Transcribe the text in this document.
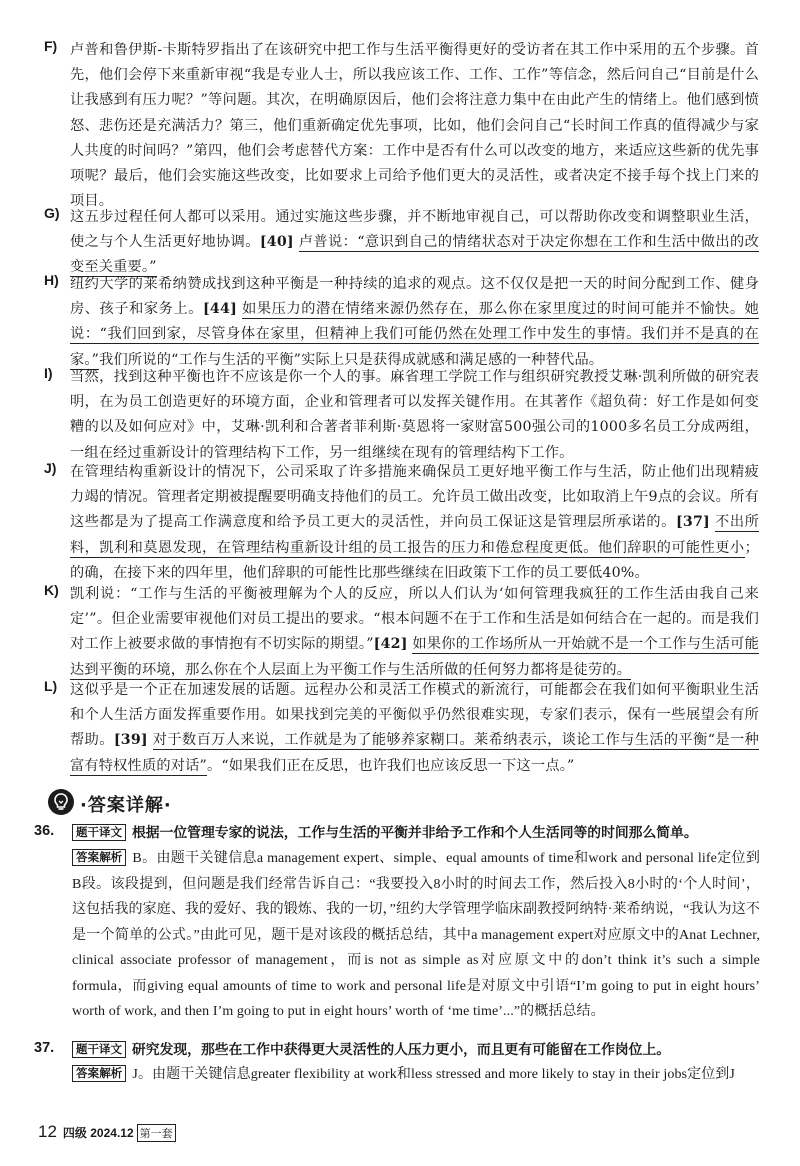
F) 卢普和鲁伊斯-卡斯特罗指出了在该研究中把工作与生活平衡得更好的受访者在其工作中采用的五个步骤。首先，他们会停下来重新审视“我是专业人士，所以我应该工作、工作、工作”等信念，然后问自己“目前是什么让我感到有压力呢？”等问题。其次，在明确原因后，他们会将注意力集中在由此产生的情绪上。他们感到愤怒、悲伤还是充满活力？第三，他们重新确定优先事项，比如，他们会问自己“长时间工作真的值得减少与家人共度的时间吗？”第四，他们会考虑替代方案：工作中是否有什么可以改变的地方，来适应这些新的优先事项呢？最后，他们会实施这些改变，比如要求上司给予他们更大的灵活性，或者决定不接手每个找上门来的项目。
G) 这五步过程任何人都可以采用。通过实施这些步骤，并不断地审视自己，可以帮助你改变和调整职业生活，使之与个人生活更好地协调。[40] 卢普说：“意识到自己的情绪状态对于决定你想在工作和生活中做出的改变至关重要。”
H) 纽约大学的莱希纳赞成找到这种平衡是一种持续的追求的观点。这不仅仅是把一天的时间分配到工作、健身房、孩子和家务上。[44] 如果压力的潜在情绪来源仍然存在，那么你在家里度过的时间可能并不愉快。她说：“我们回到家，尽管身体在家里，但精神上我们可能仍然在处理工作中发生的事情。我们并不是真的在家。”我们所说的“工作与生活的平衡”实际上只是获得成就感和满足感的一种替代品。
I) 当然，找到这种平衡也许不应该是你一个人的事。麻省理工学院工作与组织研究教授艾琳·凯利所做的研究表明，在为员工创造更好的环境方面，企业和管理者可以发挥关键作用。在其著作《超负荷：好工作是如何变糟的以及如何应对》中，艾琳·凯利和合著者菲利斯·莫恩将一家财富500强公司的1000多名员工分成两组，一组在经过重新设计的管理结构下工作，另一组继续在现有的管理结构下工作。
J) 在管理结构重新设计的情况下，公司采取了许多措施来确保员工更好地平衡工作与生活，防止他们出现精疲力竭的情况。管理者定期被提醒要明确支持他们的员工。允许员工做出改变，比如取消上午9点的会议。所有这些都是为了提高工作满意度和给予员工更大的灵活性，并向员工保证这是管理层所承诺的。[37] 不出所料，凯利和莫恩发现，在管理结构重新设计组的员工报告的压力和倦怠程度更低。他们辞职的可能性更小；的确，在接下来的四年里，他们辞职的可能性比那些继续在旧政策下工作的员工要低40%。
K) 凯利说：“工作与生活的平衡被理解为个人的反应，所以人们认为‘如何管理我疯狂的工作生活由我自己来定’”。但企业需要审视他们对员工提出的要求。“根本问题不在于工作和生活是如何结合在一起的。而是我们对工作上被要求做的事情抱有不切实际的期望。”[42] 如果你的工作场所从一开始就不是一个工作与生活可能达到平衡的环境，那么你在个人层面上为平衡工作与生活所做的任何努力都将是徒劳的。
L) 这似乎是一个正在加速发展的话题。远程办公和灵活工作模式的新流行，可能都会在我们如何平衡职业生活和个人生活方面发挥重要作用。如果找到完美的平衡似乎仍然很难实现，专家们表示，保有一些展望会有所帮助。[39] 对于数百万人来说，工作就是为了能够养家糊口。莱希纳表示，谈论工作与生活的平衡“是一种富有特权性质的对话”。“如果我们正在反思，也许我们也应该反思一下这一点。”
·答案详解·
36.	题干译文 根据一位管理专家的说法，工作与生活的平衡并非给予工作和个人生活同等的时间那么简单。
答案解析 B。由题干关键信息a management expert、simple、equal amounts of time和work and personal life定位到B段。该段提到，但问题是我们经常告诉自己：“我要投入8小时的时间去工作，然后投入8小时的‘个人时间’，这包括我的家庭、我的爱好、我的锻炼、我的一切，”纽约大学管理学临床副教授阿纳特·莱希纳说，“我认为这不是一个简单的公式。”由此可见，题干是对该段的概括总结，其中a management expert对应原文中的Anat Lechner, clinical associate professor of management，而is not as simple as对应原文中的don’t think it’s such a simple formula，而giving equal amounts of time to work and personal life是对原文中引语“I’m going to put in eight hours’ worth of work, and then I’m going to put in eight hours’ worth of ‘me time’...”的概括总结。
37.	题干译文 研究发现，那些在工作中获得更大灵活性的人压力更小，而且更有可能留在工作岗位上。
答案解析 J。由题干关键信息greater flexibility at work和less stressed and more likely to stay in their jobs定位到J
12 四级 2024.12 第一套
